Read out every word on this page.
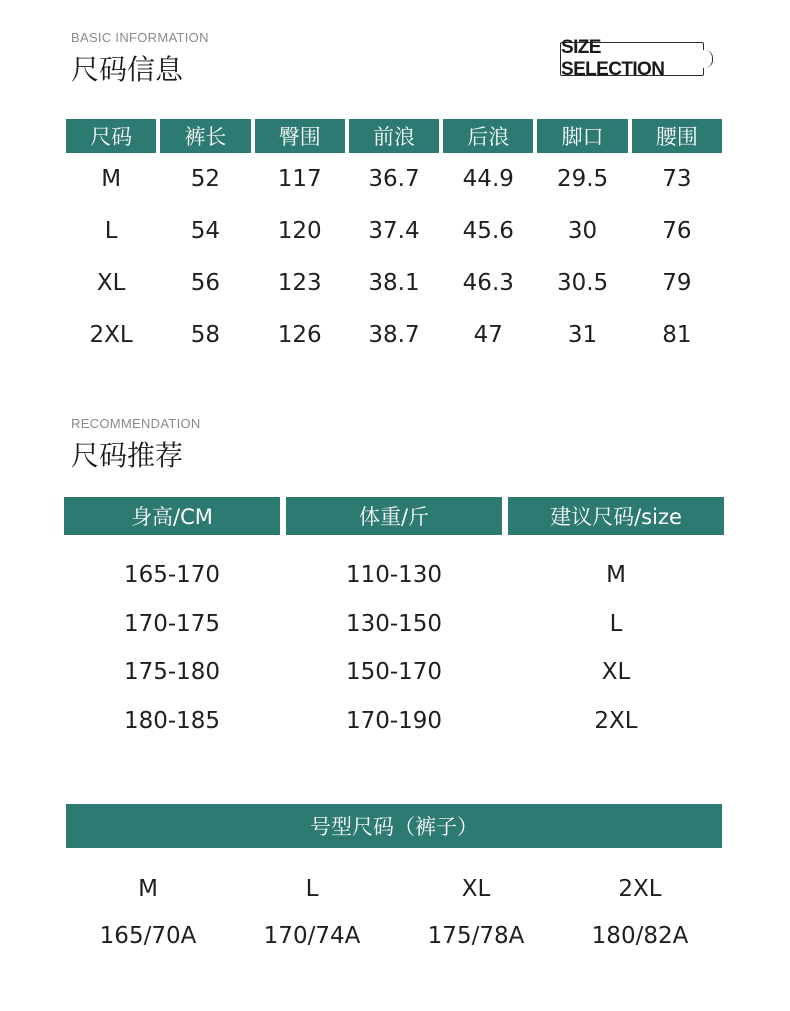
BASIC INFORMATION
尺码信息
SIZE SELECTION
尺码	裤长	臀围	前浪	后浪	脚口	腰围
M	52	117	36.7	44.9	29.5	73
L	54	120	37.4	45.6	30	76
XL	56	123	38.1	46.3	30.5	79
2XL	58	126	38.7	47	31	81
RECOMMENDATION
尺码推荐
身高/CM	体重/斤	建议尺码/size
165-170	110-130	M
170-175	130-150	L
175-180	150-170	XL
180-185	170-190	2XL
号型尺码（裤子）
M	L	XL	2XL
165/70A	170/74A	175/78A	180/82A
